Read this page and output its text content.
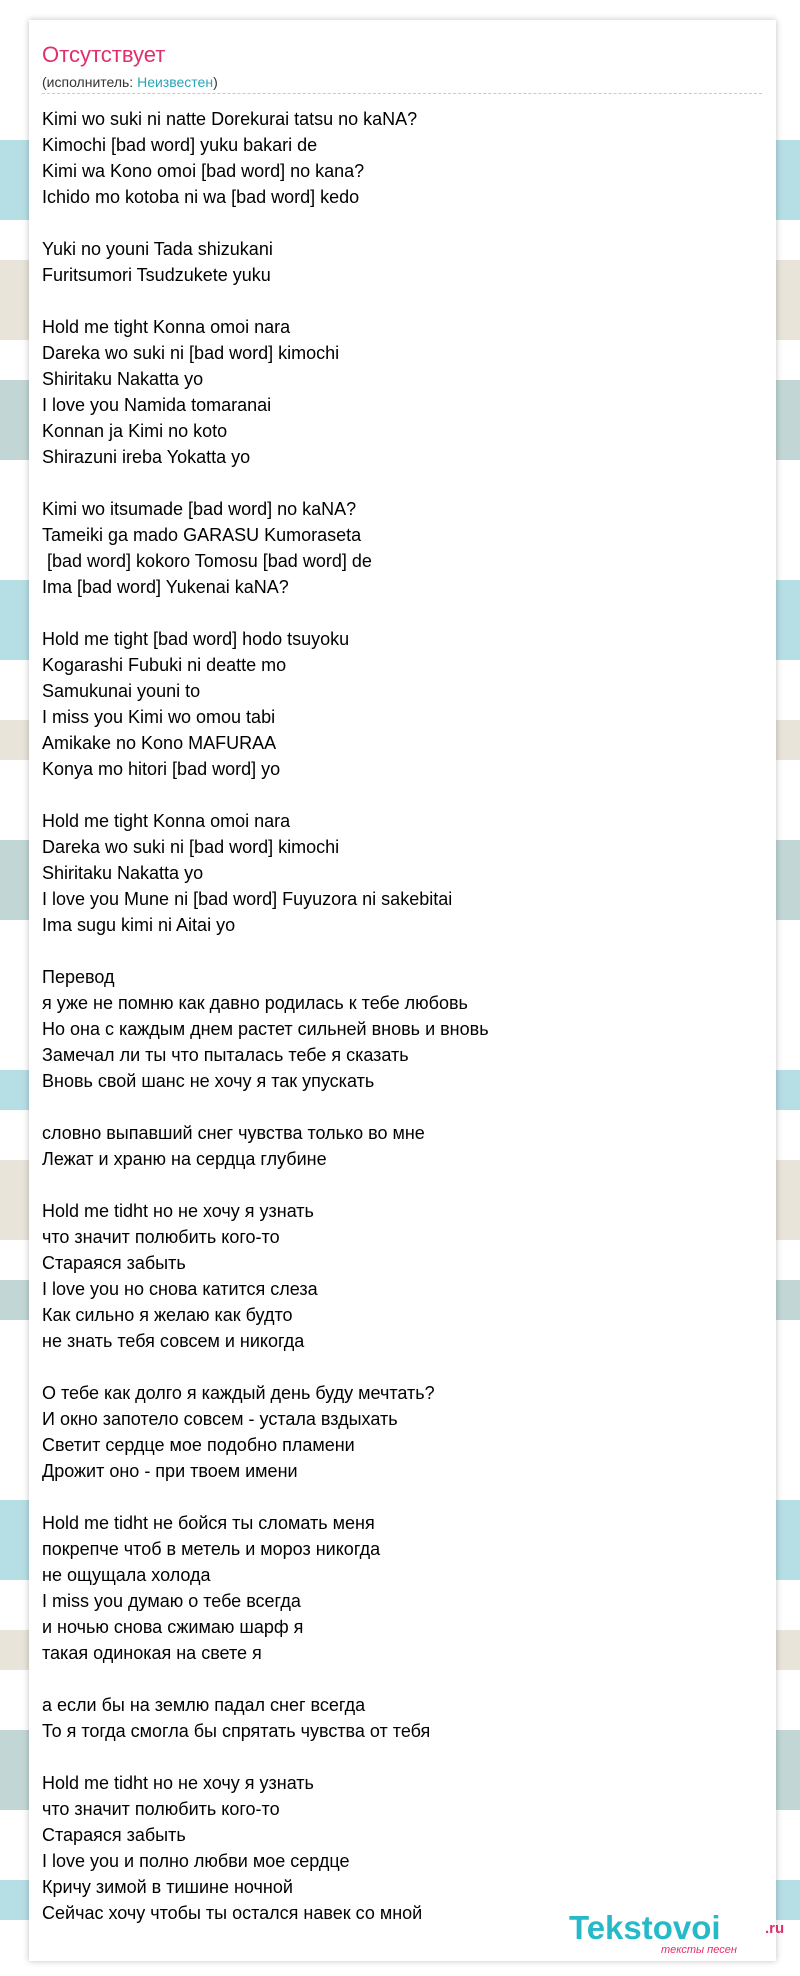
Отсутствует
(исполнитель: Неизвестен)
Kimi wo suki ni natte Dorekurai tatsu no kaNA?
Kimochi [bad word] yuku bakari de
Kimi wa Kono omoi [bad word] no kana?
Ichido mo kotoba ni wa [bad word] kedo

Yuki no youni Tada shizukani
Furitsumori Tsudzukete yuku

Hold me tight Konna omoi nara
Dareka wo suki ni [bad word] kimochi
Shiritaku Nakatta yo
I love you Namida tomaranai
Konnan ja Kimi no koto
Shirazuni ireba Yokatta yo

Kimi wo itsumade [bad word] no kaNA?
Tameiki ga mado GARASU Kumoraseta
[bad word] kokoro Tomosu [bad word] de
Ima [bad word] Yukenai kaNA?

Hold me tight [bad word] hodo tsuyoku
Kogarashi Fubuki ni deatte mo
Samukunai youni to
I miss you Kimi wo omou tabi
Amikake no Kono MAFURAA
Konya mo hitori [bad word] yo

Hold me tight Konna omoi nara
Dareka wo suki ni [bad word] kimochi
Shiritaku Nakatta yo
I love you Mune ni [bad word] Fuyuzora ni sakebitai
Ima sugu kimi ni Aitai yo

Перевод
я уже не помню как давно родилась к тебе любовь
Но она с каждым днем растет сильней вновь и вновь
Замечал ли ты что пыталась тебе я сказать
Вновь свой шанс не хочу я так упускать

словно выпавший снег чувства только во мне
Лежат и храню на сердца глубине

Hold me tidht но не хочу я узнать
что значит полюбить кого-то
Стараяся забыть
I love you но снова катится слеза
Как сильно я желаю как будто
не знать тебя совсем и никогда

О тебе как долго я каждый день буду мечтать?
И окно запотело совсем - устала вздыхать
Светит сердце мое подобно пламени
Дрожит оно - при твоем имени

Hold me tidht не бойся ты сломать меня
покрепче чтоб в метель и мороз никогда
не ощущала холода
I miss you думаю о тебе всегда
и ночью снова сжимаю шарф я
такая одинокая на свете я

а если бы на землю падал снег всегда
То я тогда смогла бы спрятать чувства от тебя

Hold me tidht но не хочу я узнать
что значит полюбить кого-то
Стараяся забыть
I love you и полно любви мое сердце
Кричу зимой в тишине ночной
Сейчас хочу чтобы ты остался навек со мной	Tekstovoi	.ru
тексты песен
